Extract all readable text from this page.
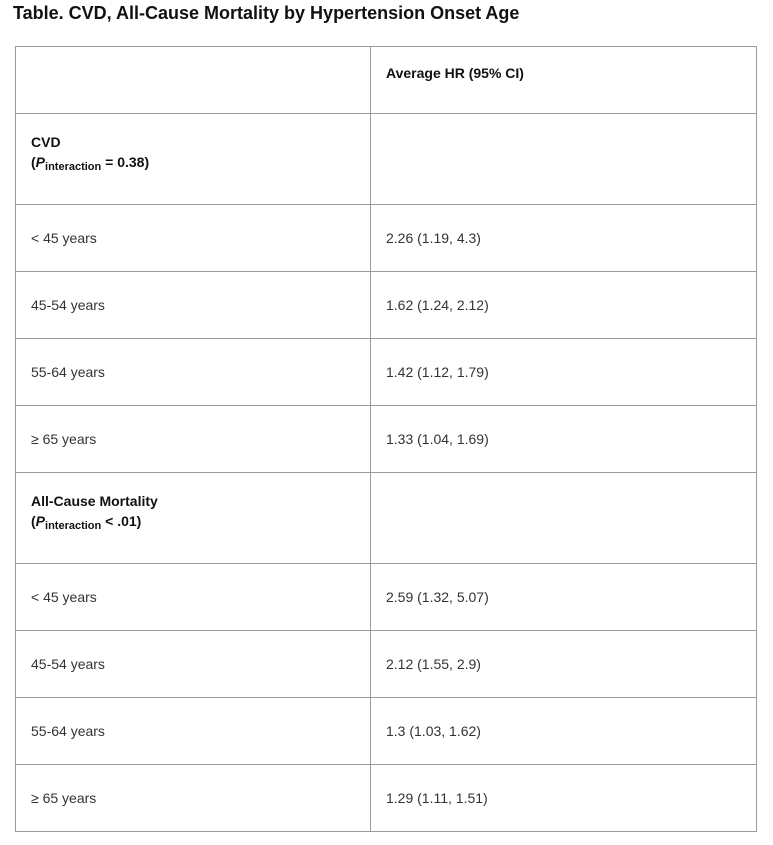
Table. CVD, All-Cause Mortality by Hypertension Onset Age

	Average HR (95% CI)

CVD
$(P_{interaction} = 0.38)$	

< 45 years	2.26 (1.19, 4.3)
45-54 years	1.62 (1.24, 2.12)
55-64 years	1.42 (1.12, 1.79)
≥ 65 years	1.33 (1.04, 1.69)

All-Cause Mortality
$(P_{interaction} < .01)$	

< 45 years	2.59 (1.32, 5.07)
45-54 years	2.12 (1.55, 2.9)
55-64 years	1.3 (1.03, 1.62)
≥ 65 years	1.29 (1.11, 1.51)
